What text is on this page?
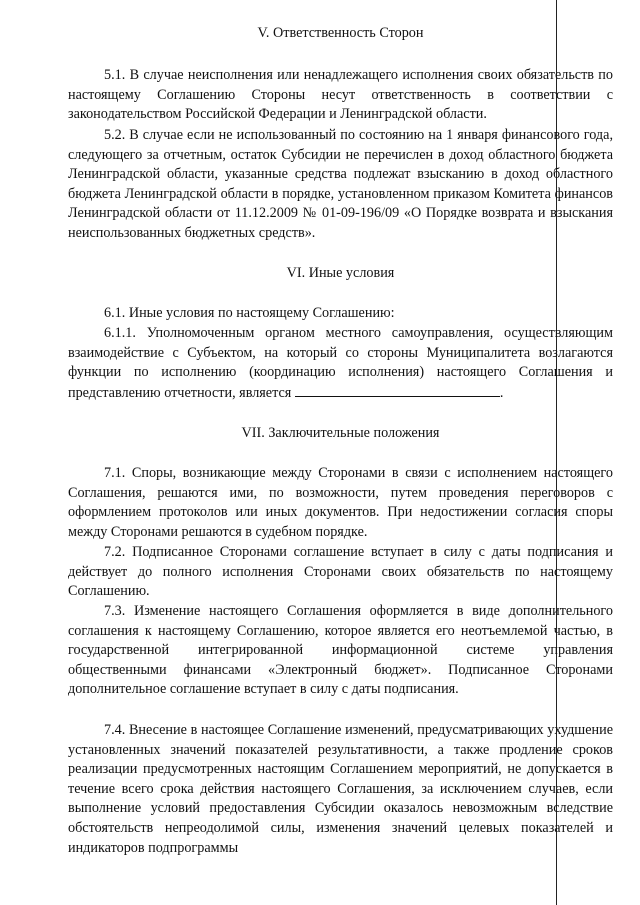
V. Ответственность Сторон

5.1. В случае неисполнения или ненадлежащего исполнения своих обязательств по настоящему Соглашению Стороны несут ответственность в соответствии с законодательством Российской Федерации и Ленинградской области.

5.2. В случае если не использованный по состоянию на 1 января финансового года, следующего за отчетным, остаток Субсидии не перечислен в доход областного бюджета Ленинградской области, указанные средства подлежат взысканию в доход областного бюджета Ленинградской области в порядке, установленном приказом Комитета финансов Ленинградской области от 11.12.2009 № 01-09-196/09 «О Порядке возврата и взыскания неиспользованных бюджетных средств».

VI. Иные условия

6.1. Иные условия по настоящему Соглашению:

6.1.1. Уполномоченным органом местного самоуправления, осуществляющим взаимодействие с Субъектом, на который со стороны Муниципалитета возлагаются функции по исполнению (координацию исполнения) настоящего Соглашения и представлению отчетности, является	.

VII. Заключительные положения

7.1. Споры, возникающие между Сторонами в связи с исполнением настоящего Соглашения, решаются ими, по возможности, путем проведения переговоров с оформлением протоколов или иных документов. При недостижении согласия споры между Сторонами решаются в судебном порядке.

7.2. Подписанное Сторонами соглашение вступает в силу с даты подписания и действует до полного исполнения Сторонами своих обязательств по настоящему Соглашению.

7.3. Изменение настоящего Соглашения оформляется в виде дополнительного соглашения к настоящему Соглашению, которое является его неотъемлемой частью, в государственной интегрированной информационной системе управления общественными финансами «Электронный бюджет». Подписанное Сторонами дополнительное соглашение вступает в силу с даты подписания.

7.4. Внесение в настоящее Соглашение изменений, предусматривающих ухудшение установленных значений показателей результативности, а также продление сроков реализации предусмотренных настоящим Соглашением мероприятий, не допускается в течение всего срока действия настоящего Соглашения, за исключением случаев, если выполнение условий предоставления Субсидии оказалось невозможным вследствие обстоятельств непреодолимой силы, изменения значений целевых показателей и индикаторов подпрограммы
